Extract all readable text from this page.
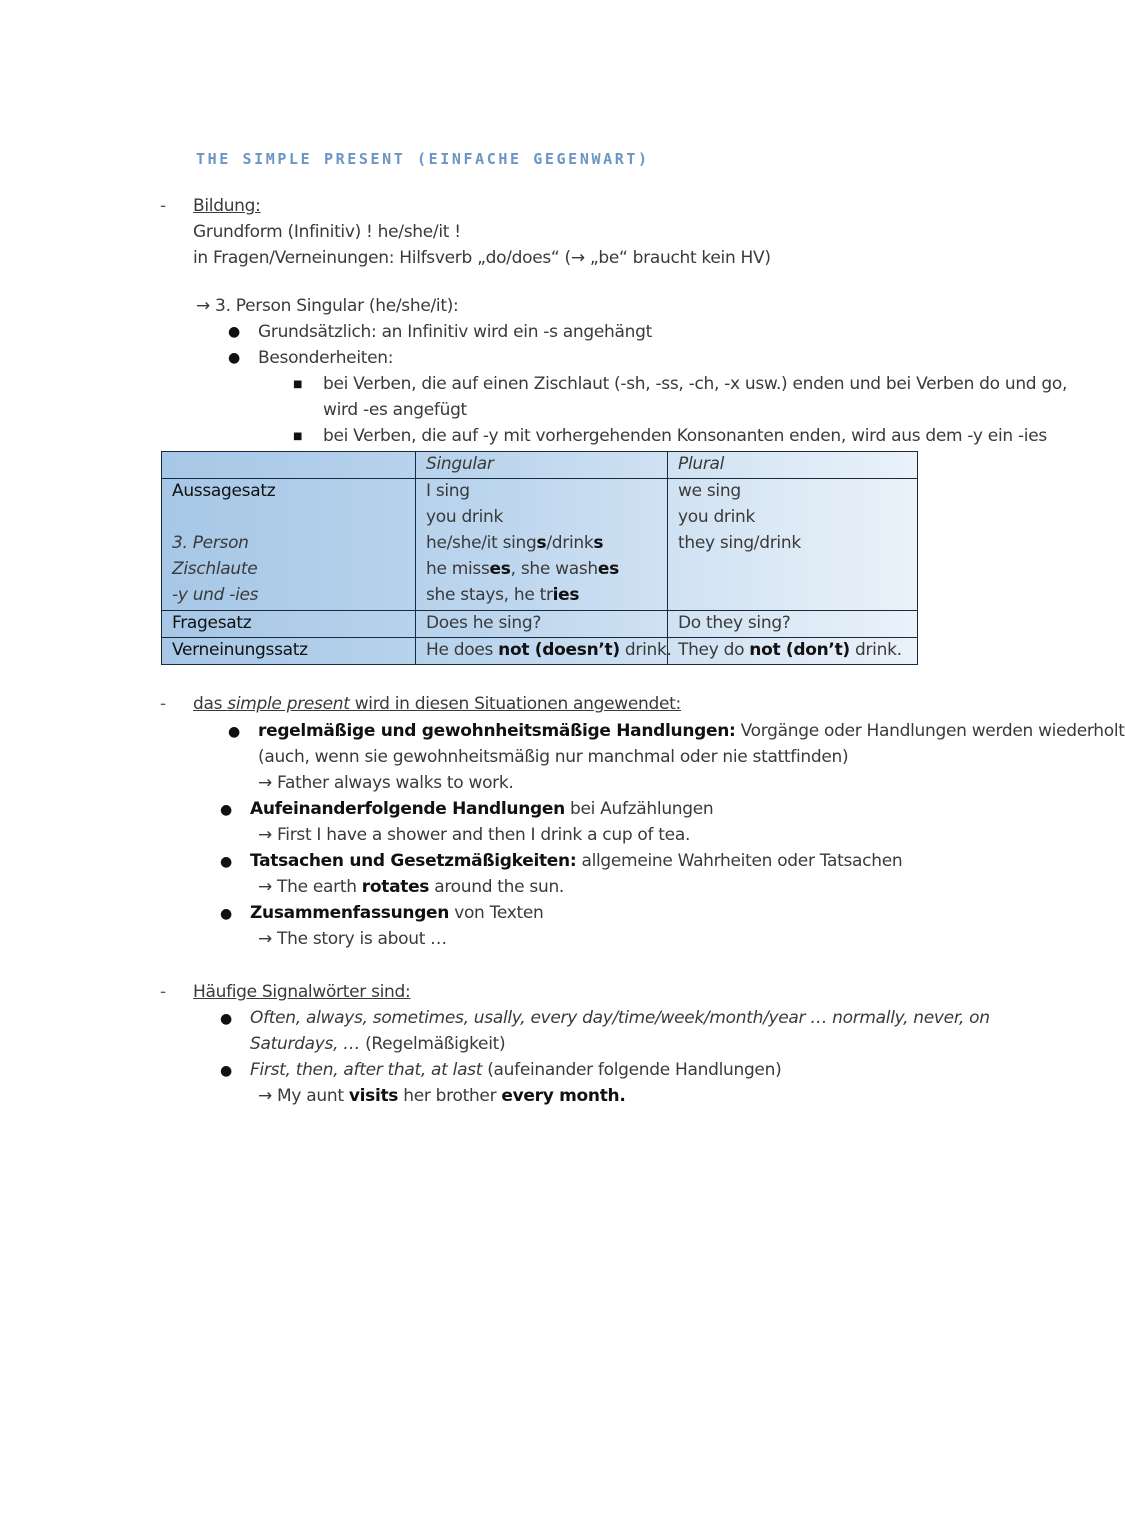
THE SIMPLE PRESENT (EINFACHE GEGENWART)
- Bildung:
Grundform (Infinitiv) ! he/she/it !
in Fragen/Verneinungen: Hilfsverb „do/does“ (→ „be“ braucht kein HV)
→ 3. Person Singular (he/she/it):
● Grundsätzlich: an Infinitiv wird ein -s angehängt
● Besonderheiten:
■ bei Verben, die auf einen Zischlaut (-sh, -ss, -ch, -x usw.) enden und bei Verben do und go,
wird -es angefügt
■ bei Verben, die auf -y mit vorhergehenden Konsonanten enden, wird aus dem -y ein -ies
Singular	Plural
Aussagesatz
3. Person
Zischlaute
-y und -ies
Fragesatz
Verneinungssatz
I sing
you drink
he/she/it sings/drinks
he misses, she washes
she stays, he tries
Does he sing?
He does not (doesn’t) drink.
we sing
you drink
they sing/drink
Do they sing?
They do not (don’t) drink.
- das simple present wird in diesen Situationen angewendet:
● regelmäßige und gewohnheitsmäßige Handlungen: Vorgänge oder Handlungen werden wiederholt
(auch, wenn sie gewohnheitsmäßig nur manchmal oder nie stattfinden)
→ Father always walks to work.
● Aufeinanderfolgende Handlungen bei Aufzählungen
→ First I have a shower and then I drink a cup of tea.
● Tatsachen und Gesetzmäßigkeiten: allgemeine Wahrheiten oder Tatsachen
→ The earth rotates around the sun.
● Zusammenfassungen von Texten
→ The story is about …
- Häufige Signalwörter sind:
● Often, always, sometimes, usally, every day/time/week/month/year … normally, never, on
Saturdays, … (Regelmäßigkeit)
● First, then, after that, at last (aufeinander folgende Handlungen)
→ My aunt visits her brother every month.
